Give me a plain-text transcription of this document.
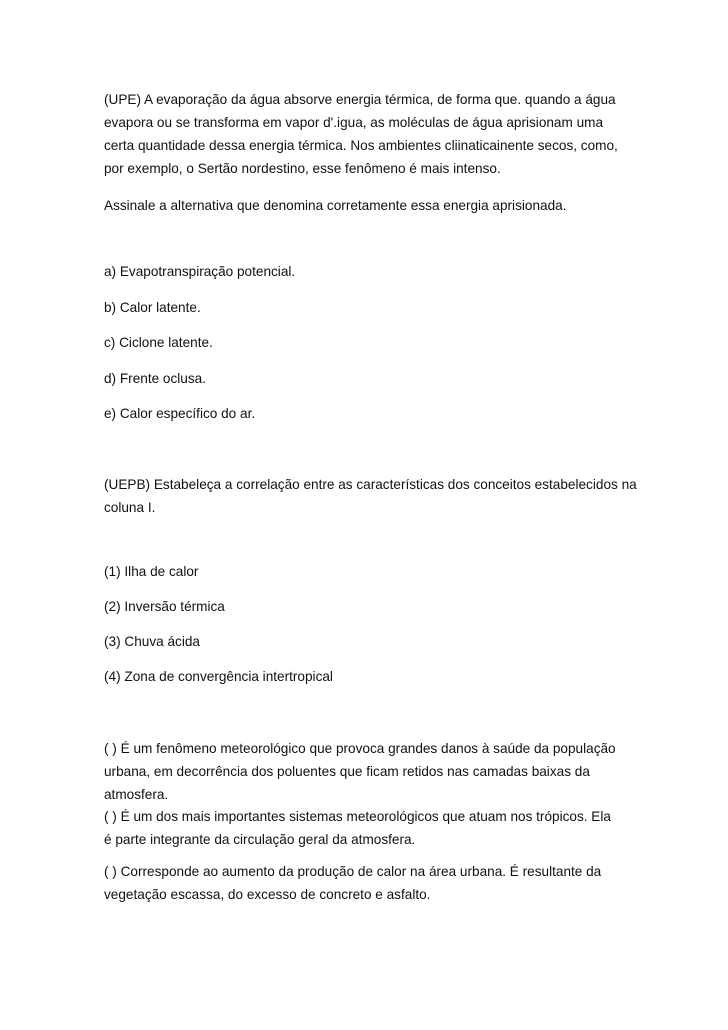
(UPE) A evaporação da água absorve energia térmica, de forma que. quando a água
evapora ou se transforma em vapor d'.igua, as moléculas de água aprisionam uma
certa quantidade dessa energia térmica. Nos ambientes cliinaticainente secos, como,
por exemplo, o Sertão nordestino, esse fenômeno é mais intenso.
Assinale a alternativa que denomina corretamente essa energia aprisionada.
a) Evapotranspiração potencial.
b) Calor latente.
c) Ciclone latente.
d) Frente oclusa.
e) Calor específico do ar.
(UEPB) Estabeleça a correlação entre as características dos conceitos estabelecidos na
coluna I.
(1) Ilha de calor
(2) Inversão térmica
(3) Chuva ácida
(4) Zona de convergência intertropical
( ) É um fenômeno meteorológico que provoca grandes danos à saúde da população
urbana, em decorrência dos poluentes que ficam retidos nas camadas baixas da
atmosfera.
( ) É um dos mais importantes sistemas meteorológicos que atuam nos trópicos. Ela
é parte integrante da circulação geral da atmosfera.
( ) Corresponde ao aumento da produção de calor na área urbana. É resultante da
vegetação escassa, do excesso de concreto e asfalto.
